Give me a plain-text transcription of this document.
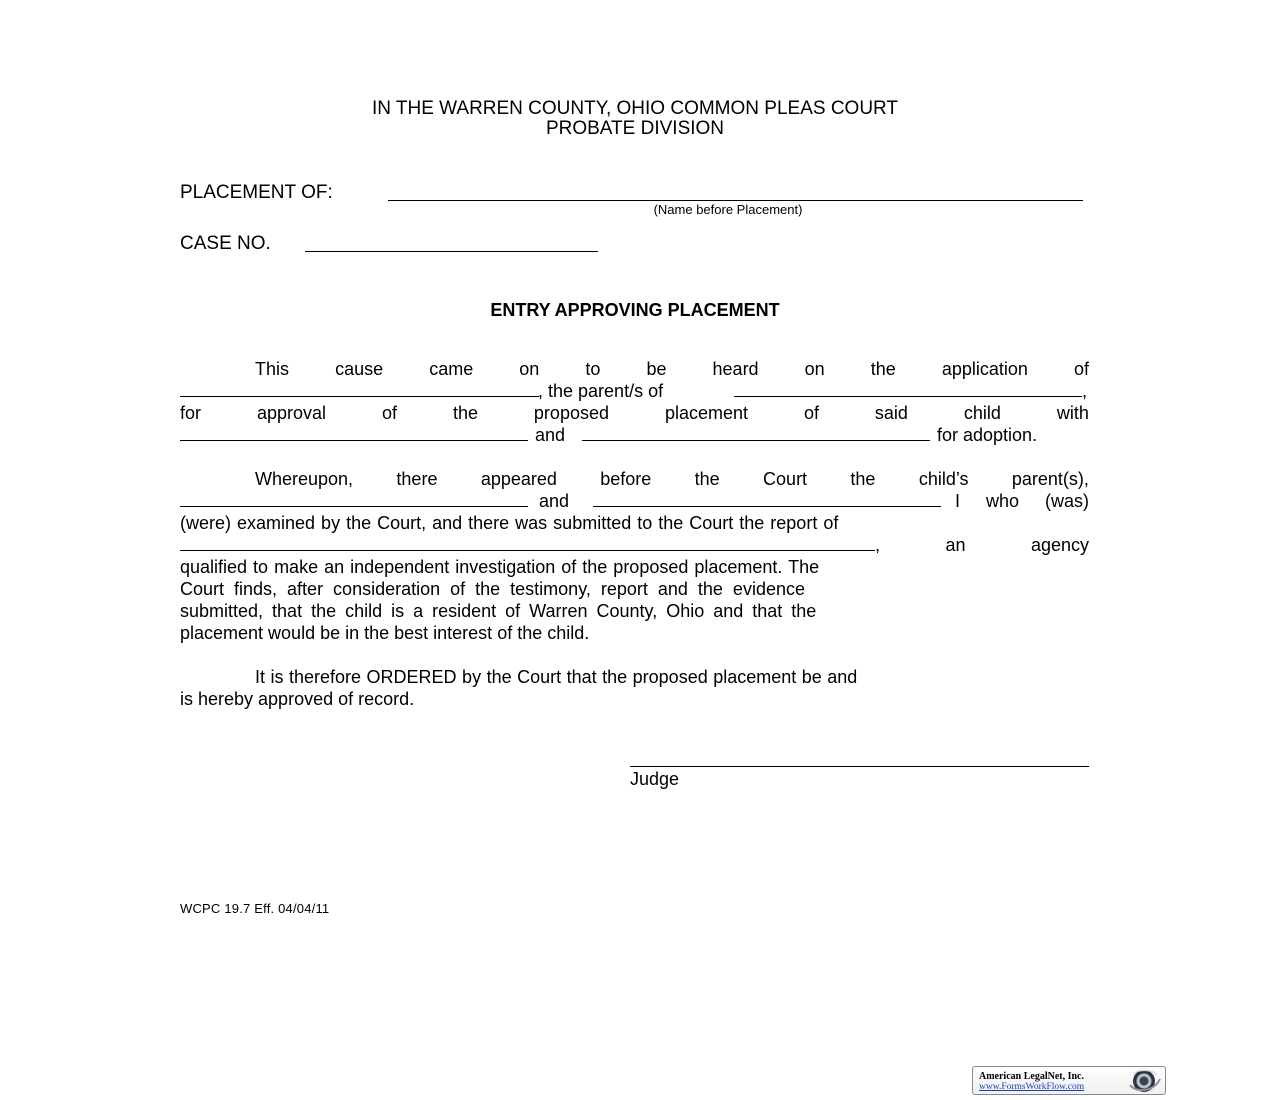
IN THE WARREN COUNTY, OHIO COMMON PLEAS COURT
PROBATE DIVISION
PLACEMENT OF:
(Name before Placement)
CASE NO.
ENTRY APPROVING PLACEMENT
This	cause	came	on	to	be	heard	on	the	application	of
, the parent/s of	,
for	approval	of	the	proposed	placement	of	said	child	with
and	for adoption.
Whereupon, there appeared before the Court the child’s parent(s),
and	I who (was)
(were) examined by the Court, and there was submitted to the Court the report of
,	an	agency
qualified to make an independent investigation of the proposed placement. The
Court finds, after consideration of the testimony, report and the evidence
submitted, that the child is a resident of Warren County, Ohio and that the
placement would be in the best interest of the child.
It is therefore ORDERED by the Court that the proposed placement be and
is hereby approved of record.
Judge
WCPC 19.7 Eff. 04/04/11
American LegalNet, Inc.
www.FormsWorkFlow.com
